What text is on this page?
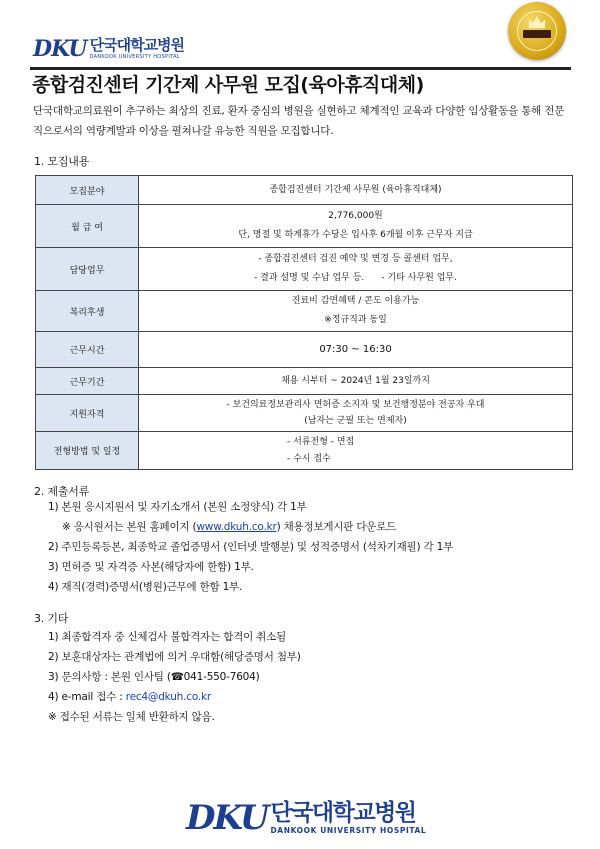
DKU 단국대학교병원
DANKOOK UNIVERSITY HOSPITAL
종합검진센터 기간제 사무원 모집(육아휴직대체)
단국대학교의료원이 추구하는 최상의 진료, 환자 중심의 병원을 실현하고 체계적인 교육과 다양한 임상활동을 통해 전문직으로서의 역량계발과 이상을 펼쳐나갈 유능한 직원을 모집합니다.
1. 모집내용
모집분야	종합검진센터 기간제 사무원 (육아휴직대체)

월 급 여	2,776,000원
단, 명절 및 하계휴가 수당은 입사후 6개월 이후 근무자 지급

담당업무	- 종합검진센터 검진 예약 및 변경 등 콜센터 업무,
- 결과 설명 및 수납 업무 등.      - 기타 사무원 업무.

복리후생	진료비 감면혜택 / 콘도 이용가능
※정규직과 동일

근무시간	07:30 ~ 16:30

근무기간	채용 시부터 ~ 2024년 1월 23일까지

지원자격	- 보건의료정보관리사 면허증 소지자 및 보건행정분야 전공자 우대
(남자는 군필 또는 면제자)

전형방법 및 일정	- 서류전형 - 면접
- 수시 접수
2. 제출서류
1) 본원 응시지원서 및 자기소개서 (본원 소정양식) 각 1부
※ 응시원서는 본원 홈페이지 (www.dkuh.co.kr) 채용정보게시판 다운로드
2) 주민등록등본, 최종학교 졸업증명서 (인터넷 발행분) 및 성적증명서 (석차기재필) 각 1부
3) 면허증 및 자격증 사본(해당자에 한함) 1부.
4) 재직(경력)증명서(병원)근무에 한함 1부.
3. 기타
1) 최종합격자 중 신체검사 불합격자는 합격이 취소됨
2) 보훈대상자는 관계법에 의거 우대함(해당증명서 첨부)
3) 문의사항 : 본원 인사팀 (☎041-550-7604)
4) e-mail 접수 : rec4@dkuh.co.kr
※ 접수된 서류는 일체 반환하지 않음.
DKU 단국대학교병원
DANKOOK UNIVERSITY HOSPITAL
